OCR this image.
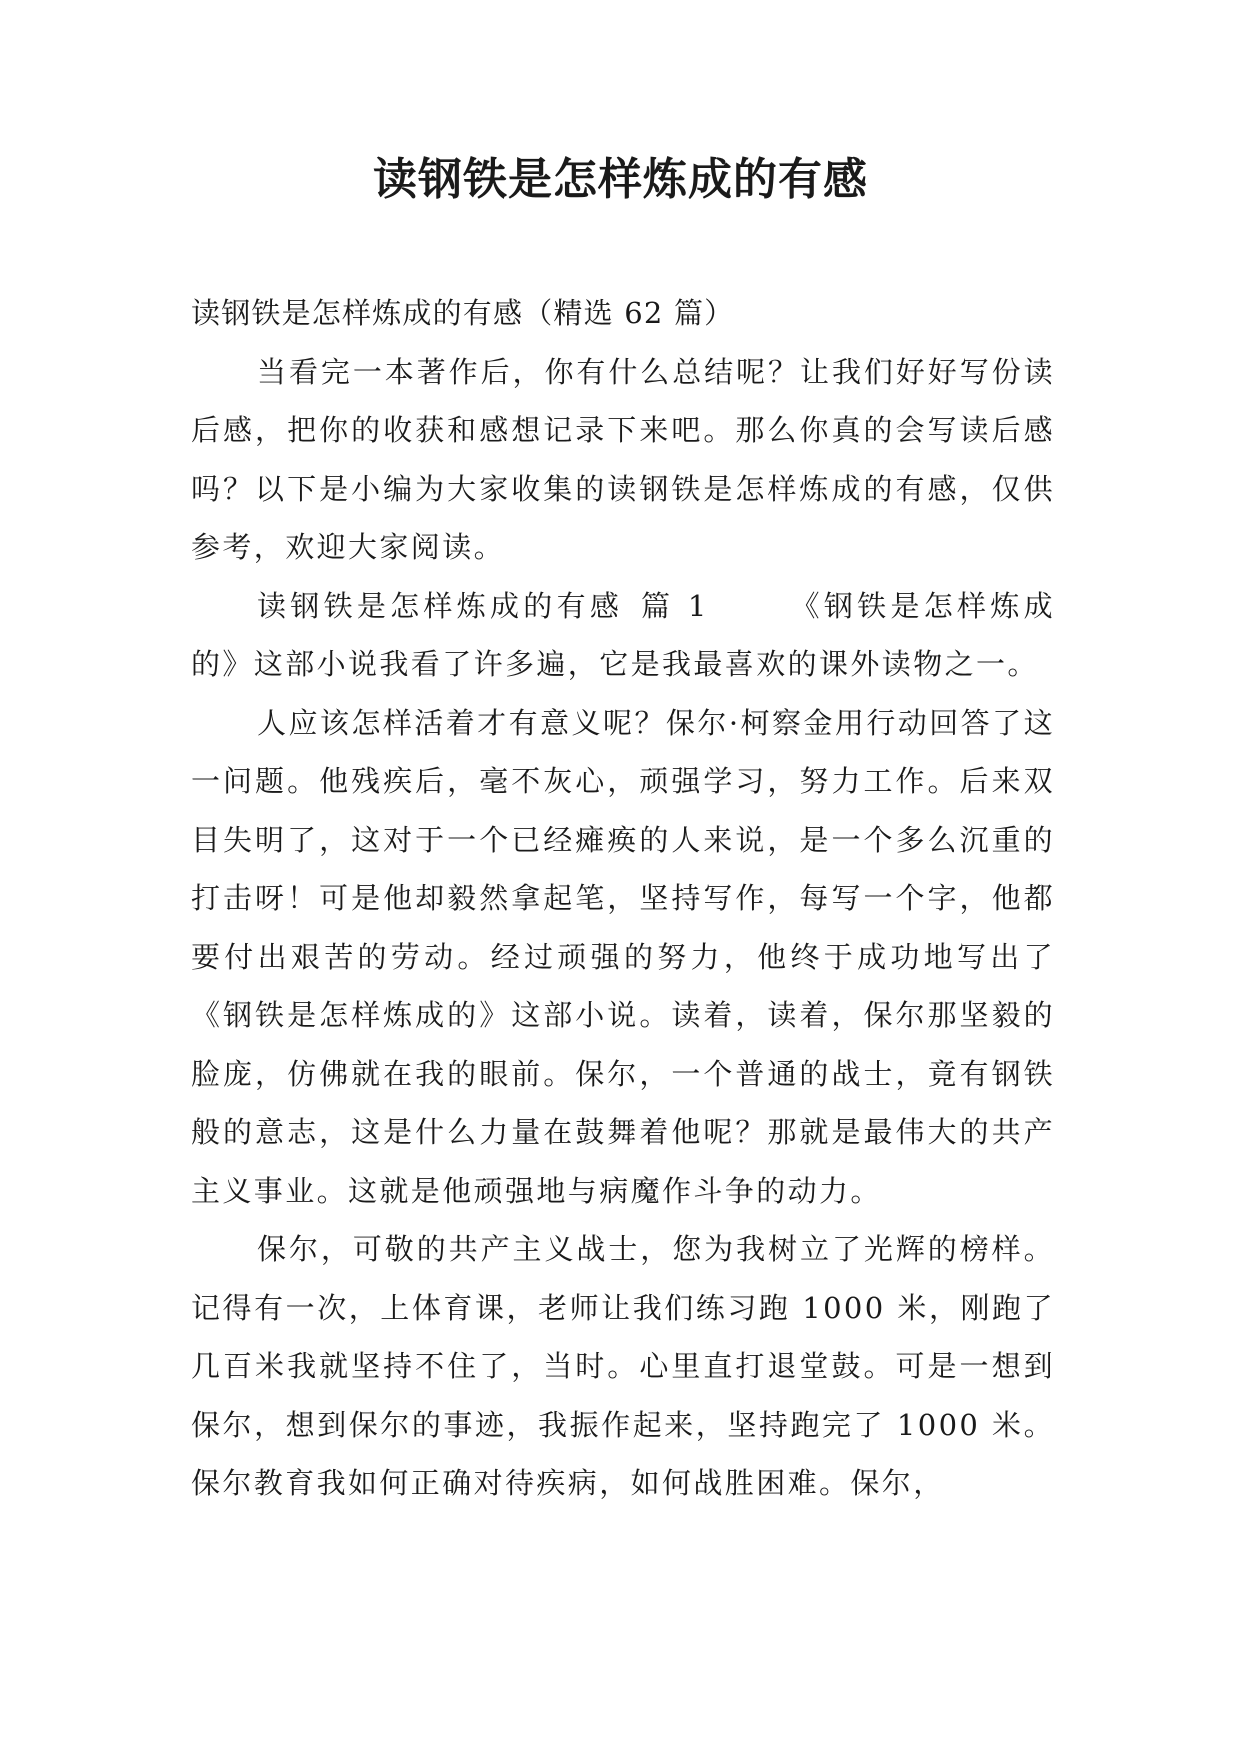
读钢铁是怎样炼成的有感

读钢铁是怎样炼成的有感（精选 62 篇）

当看完一本著作后，你有什么总结呢？让我们好好写份读后感，把你的收获和感想记录下来吧。那么你真的会写读后感吗？以下是小编为大家收集的读钢铁是怎样炼成的有感，仅供参考，欢迎大家阅读。

读钢铁是怎样炼成的有感 篇 1	《钢铁是怎样炼成的》这部小说我看了许多遍，它是我最喜欢的课外读物之一。

人应该怎样活着才有意义呢？保尔·柯察金用行动回答了这一问题。他残疾后，毫不灰心，顽强学习，努力工作。后来双目失明了，这对于一个已经瘫痪的人来说，是一个多么沉重的打击呀！可是他却毅然拿起笔，坚持写作，每写一个字，他都要付出艰苦的劳动。经过顽强的努力，他终于成功地写出了《钢铁是怎样炼成的》这部小说。读着，读着，保尔那坚毅的脸庞，仿佛就在我的眼前。保尔，一个普通的战士，竟有钢铁般的意志，这是什么力量在鼓舞着他呢？那就是最伟大的共产主义事业。这就是他顽强地与病魔作斗争的动力。

保尔，可敬的共产主义战士，您为我树立了光辉的榜样。记得有一次，上体育课，老师让我们练习跑 1000 米，刚跑了几百米我就坚持不住了，当时。心里直打退堂鼓。可是一想到保尔，想到保尔的事迹，我振作起来，坚持跑完了 1000 米。保尔教育我如何正确对待疾病，如何战胜困难。保尔，
